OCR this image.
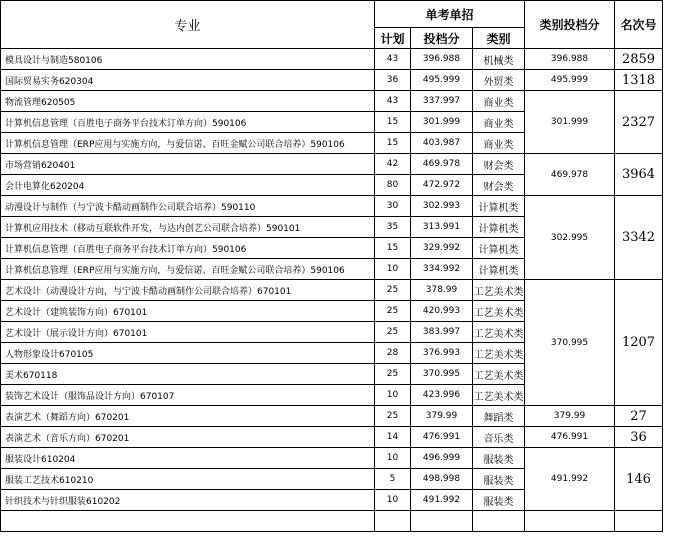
专业	单考单招			类别投档分	名次号
	计划	投档分	类别		
模具设计与制造580106	43	396.988	机械类	396.988	2859
国际贸易实务620304	36	495.999	外贸类	495.999	1318
物流管理620505	43	337.997	商业类	301.999	2327
计算机信息管理（百胜电子商务平台技术订单方向）590106	15	301.999	商业类		
计算机信息管理（ERP应用与实施方向，与爱信诺、百旺金赋公司联合培养）590106	15	403.987	商业类		
市场营销620401	42	469.978	财会类	469.978	3964
会计电算化620204	80	472.972	财会类		
动漫设计与制作（与宁波卡酷动画制作公司联合培养）590110	30	302.993	计算机类	302.995	3342
计算机应用技术（移动互联软件开发，与达内创艺公司联合培养）590101	35	313.991	计算机类		
计算机信息管理（百胜电子商务平台技术订单方向）590106	15	329.992	计算机类		
计算机信息管理（ERP应用与实施方向，与爱信诺、百旺金赋公司联合培养）590106	10	334.992	计算机类		
艺术设计（动漫设计方向，与宁波卡酷动画制作公司联合培养）670101	25	378.99	工艺美术类	370.995	1207
艺术设计（建筑装饰方向）670101	25	420.993	工艺美术类		
艺术设计（展示设计方向）670101	25	383.997	工艺美术类		
人物形象设计670105	28	376.993	工艺美术类		
美术670118	25	370.995	工艺美术类		
装饰艺术设计（服饰品设计方向）670107	10	423.996	工艺美术类		
表演艺术（舞蹈方向）670201	25	379.99	舞蹈类	379.99	27
表演艺术（音乐方向）670201	14	476.991	音乐类	476.991	36
服装设计610204	10	496.999	服装类	491.992	146
服装工艺技术610210	5	498.998	服装类		
针织技术与针织服装610202	10	491.992	服装类		
